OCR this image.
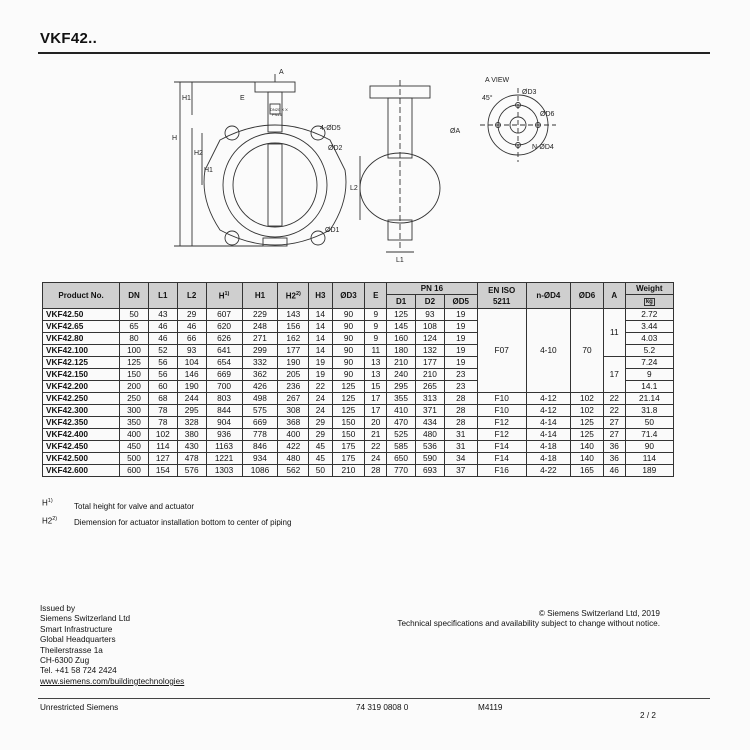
VKF42..
A
H1
H
H2
H1
E
4-ØD5
ØD2
ØD1
DN20 X X
PN16
L2
L1
A VIEW
ØD3
45°
ØD6
ØA
N-ØD4
Product No.	DN	L1	L2	$H^{1)}$	H1	H2$^{2)}$	H3	ØD3	E	PN 16			EN ISO 5211	n-ØD4	ØD6	A	Weight
										D1	D2	ØD5					kg
VKF42.50	50	43	29	607	229	143	14	90	9	125	93	19	F07	4-10	70	11	2.72
VKF42.65	65	46	46	620	248	156	14	90	9	145	108	19					3.44
VKF42.80	80	46	66	626	271	162	14	90	9	160	124	19					4.03
VKF42.100	100	52	93	641	299	177	14	90	11	180	132	19					5.2
VKF42.125	125	56	104	654	332	190	19	90	13	210	177	19				17	7.24
VKF42.150	150	56	146	669	362	205	19	90	13	240	210	23					9
VKF42.200	200	60	190	700	426	236	22	125	15	295	265	23					14.1
VKF42.250	250	68	244	803	498	267	24	125	17	355	313	28	F10	4-12	102	22	21.14
VKF42.300	300	78	295	844	575	308	24	125	17	410	371	28	F10	4-12	102	22	31.8
VKF42.350	350	78	328	904	669	368	29	150	20	470	434	28	F12	4-14	125	27	50
VKF42.400	400	102	380	936	778	400	29	150	21	525	480	31	F12	4-14	125	27	71.4
VKF42.450	450	114	430	1163	846	422	45	175	22	585	536	31	F14	4-18	140	36	90
VKF42.500	500	127	478	1221	934	480	45	175	24	650	590	34	F14	4-18	140	36	114
VKF42.600	600	154	576	1303	1086	562	50	210	28	770	693	37	F16	4-22	165	46	189
$H^{1)}$
Total height for valve and actuator
H2$^{2)}$ Diemension for actuator installation bottom to center of piping
Issued by
Siemens Switzerland Ltd
Smart Infrastructure
Global Headquarters
Theilerstrasse 1a
CH-6300 Zug
Tel. +41 58 724 2424
www.siemens.com/buildingtechnologies
© Siemens Switzerland Ltd, 2019
Technical specifications and availability subject to change without notice.
Unrestricted Siemens	74 319 0808 0	M4119
2 / 2
